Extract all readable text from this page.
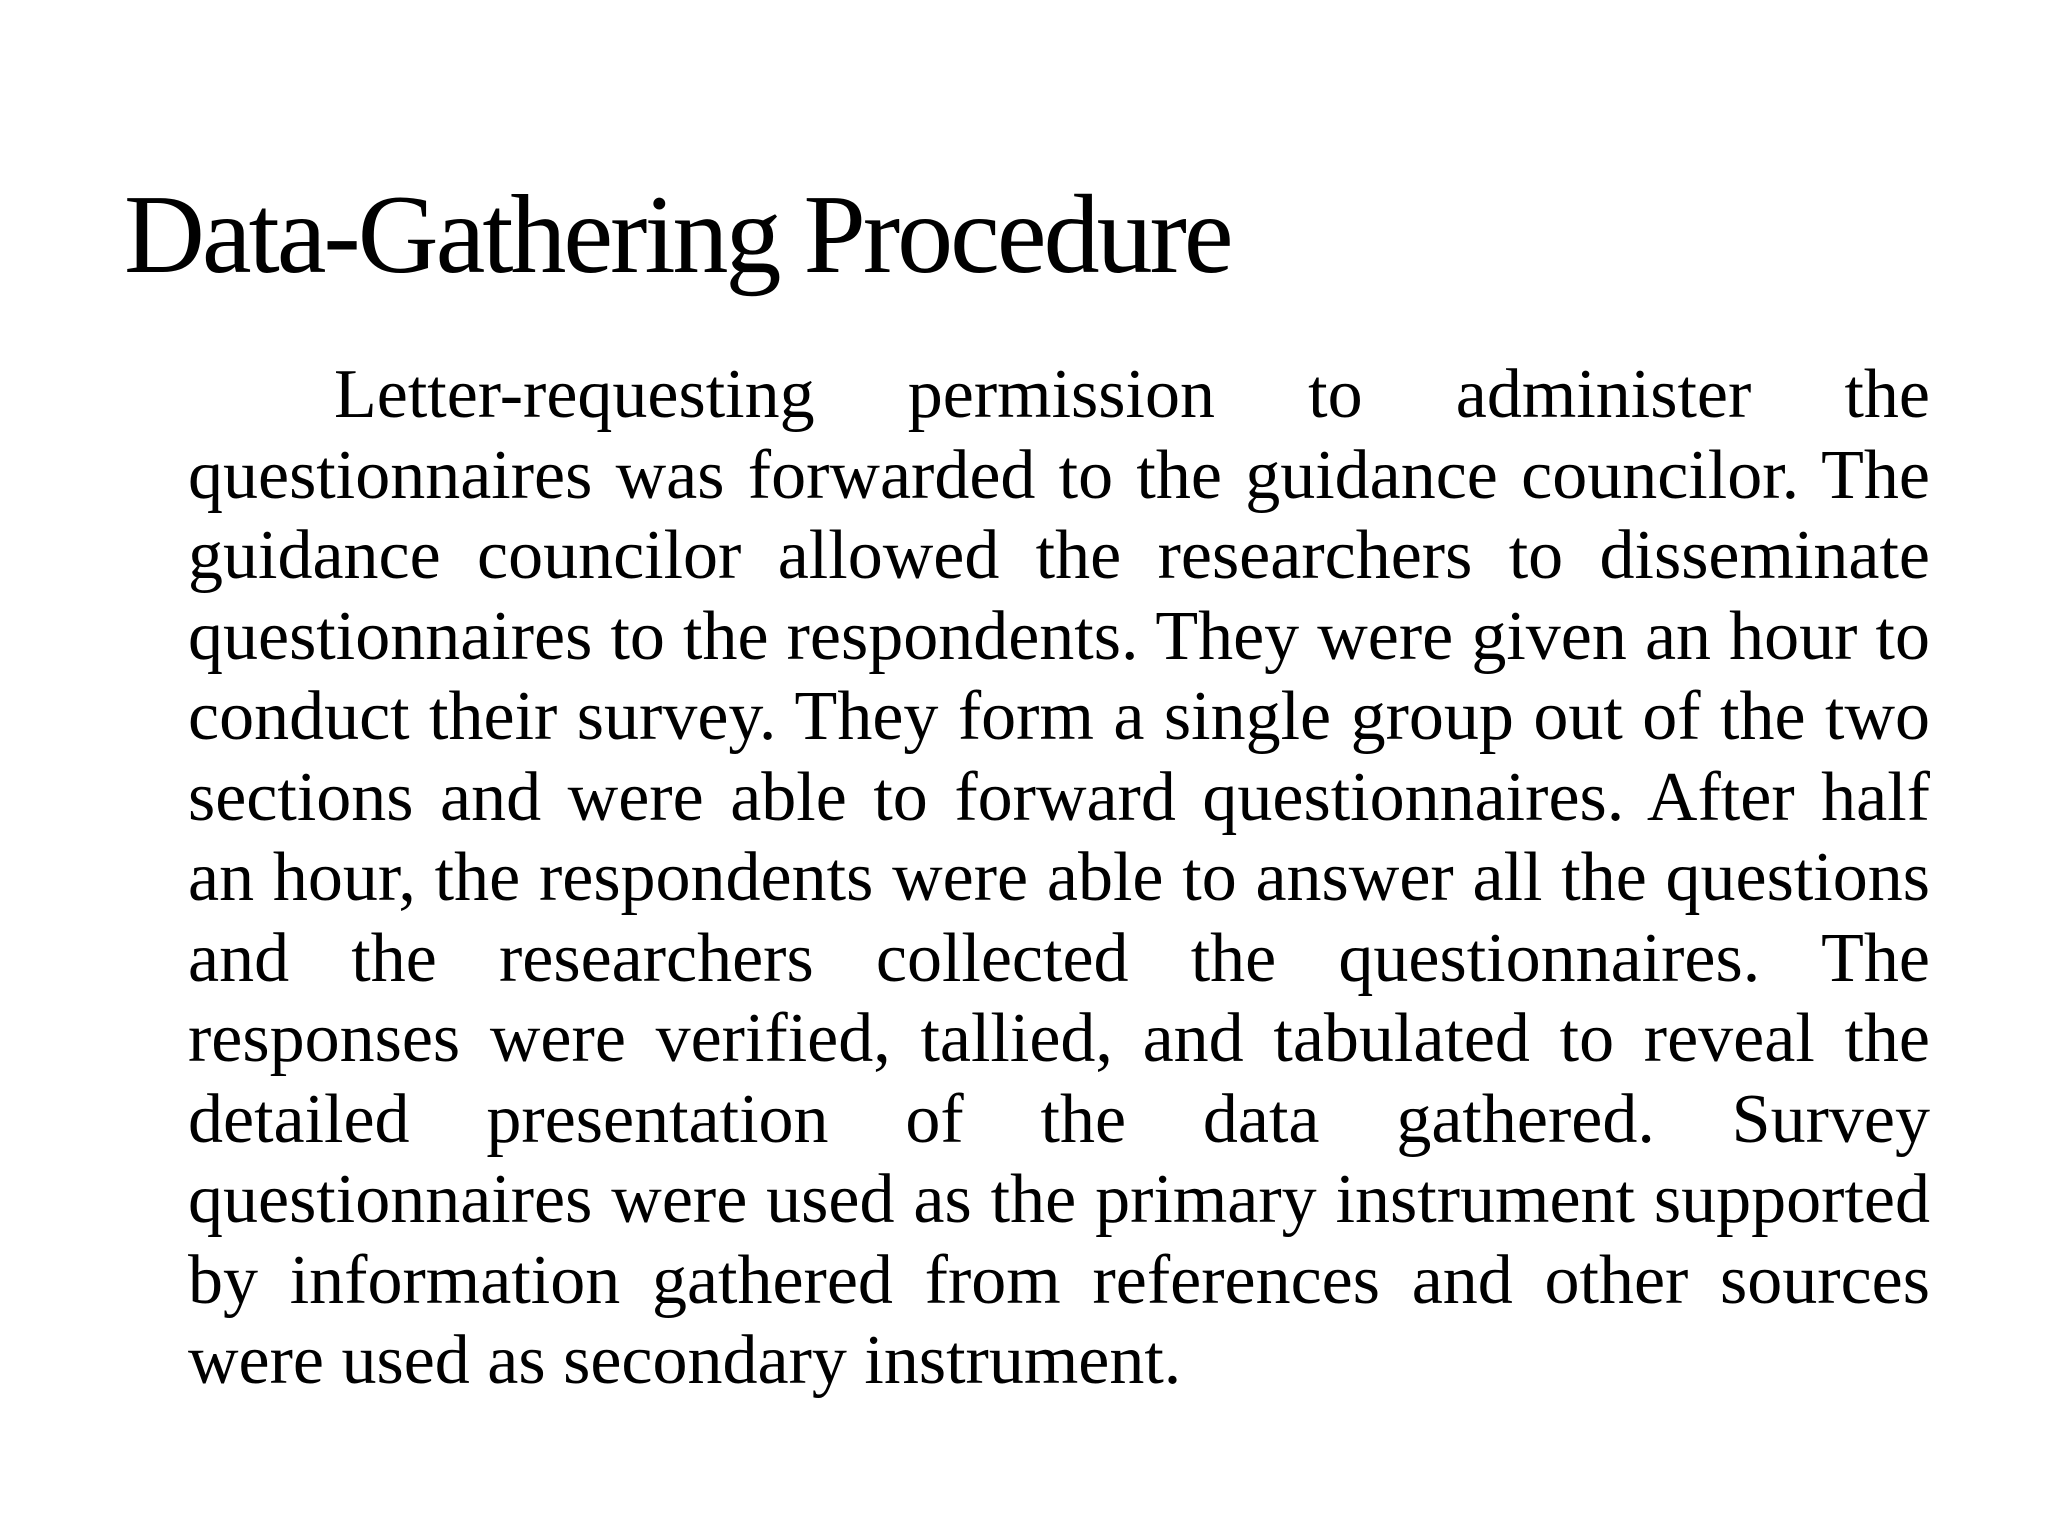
Data-Gathering Procedure

Letter-requesting permission to administer the questionnaires was forwarded to the guidance councilor. The guidance councilor allowed the researchers to disseminate questionnaires to the respondents. They were given an hour to conduct their survey. They form a single group out of the two sections and were able to forward questionnaires. After half an hour, the respondents were able to answer all the questions and the researchers collected the questionnaires. The responses were verified, tallied, and tabulated to reveal the detailed presentation of the data gathered. Survey questionnaires were used as the primary instrument supported by information gathered from references and other sources were used as secondary instrument.
